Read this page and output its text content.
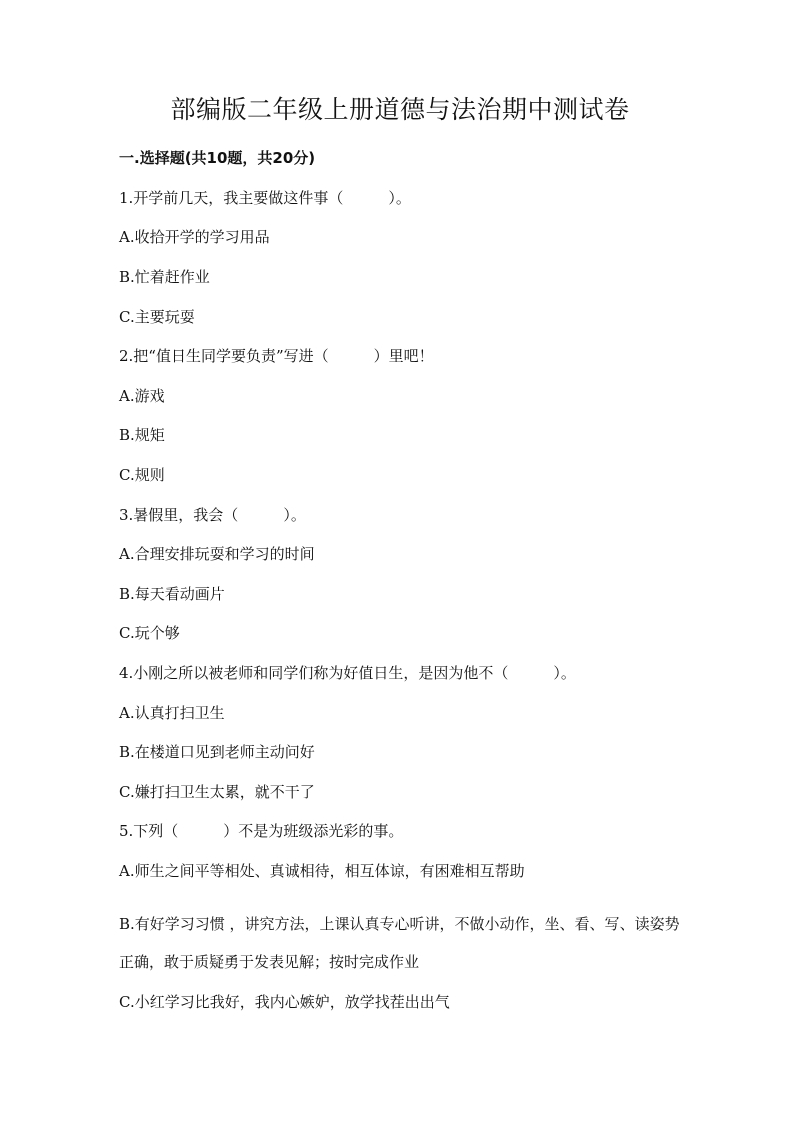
部编版二年级上册道德与法治期中测试卷
一.选择题(共10题，共20分)
1.开学前几天，我主要做这件事（　　　）。
A.收拾开学的学习用品
B.忙着赶作业
C.主要玩耍
2.把“值日生同学要负责”写进（　　　）里吧！
A.游戏
B.规矩
C.规则
3.暑假里，我会（　　　）。
A.合理安排玩耍和学习的时间
B.每天看动画片
C.玩个够
4.小刚之所以被老师和同学们称为好值日生，是因为他不（　　　）。
A.认真打扫卫生
B.在楼道口见到老师主动问好
C.嫌打扫卫生太累，就不干了
5.下列（　　　）不是为班级添光彩的事。
A.师生之间平等相处、真诚相待，相互体谅，有困难相互帮助
B.有好学习习惯 ，讲究方法，上课认真专心听讲，不做小动作，坐、看、写、读姿势正确，敢于质疑勇于发表见解；按时完成作业
C.小红学习比我好，我内心嫉妒，放学找茬出出气
